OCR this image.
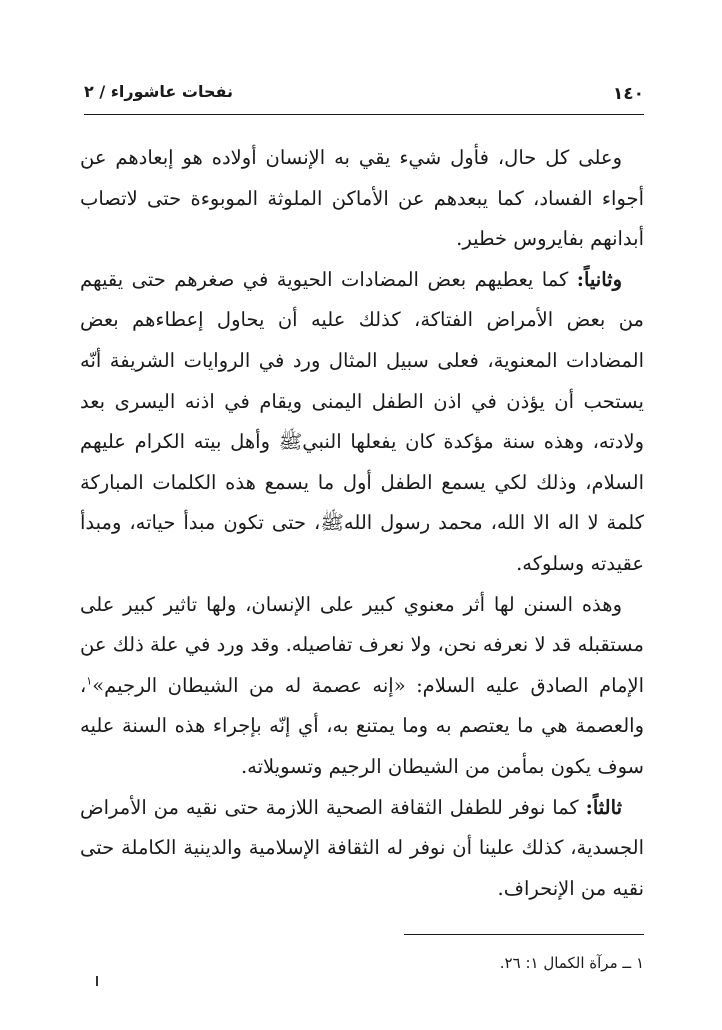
١٤٠
نفحات عاشوراء / ٢

وعلى كل حال، فأول شيء يقي به الإنسان أولاده هو إبعادهم عن أجواء الفساد، كما يبعدهم عن الأماكن الملوثة الموبوءة حتى لاتصاب أبدانهم بفايروس خطير.

وثانياً: كما يعطيهم بعض المضادات الحيوية في صغرهم حتى يقيهم من بعض الأمراض الفتاكة، كذلك عليه أن يحاول إعطاءهم بعض المضادات المعنوية، فعلى سبيل المثال ورد في الروايات الشريفة أنّه يستحب أن يؤذن في اذن الطفل اليمنى ويقام في اذنه اليسرى بعد ولادته، وهذه سنة مؤكدة كان يفعلها النبيﷺ وأهل بيته الكرام عليهم السلام، وذلك لكي يسمع الطفل أول ما يسمع هذه الكلمات المباركة كلمة لا اله الا الله، محمد رسول اللهﷺ، حتى تكون مبدأ حياته، ومبدأ عقيدته وسلوكه.

وهذه السنن لها أثر معنوي كبير على الإنسان، ولها تاثير كبير على مستقبله قد لا نعرفه نحن، ولا نعرف تفاصيله. وقد ورد في علة ذلك عن الإمام الصادق عليه السلام: «إنه عصمة له من الشيطان الرجيم»$^١$، والعصمة هي ما يعتصم به وما يمتنع به، أي إنّه بإجراء هذه السنة عليه سوف يكون بمأمن من الشيطان الرجيم وتسويلاته.

ثالثاً: كما نوفر للطفل الثقافة الصحية اللازمة حتى نقيه من الأمراض الجسدية، كذلك علينا أن نوفر له الثقافة الإسلامية والدينية الكاملة حتى نقيه من الإنحراف.

١ ــ مرآة الكمال ١: ٢٦.
